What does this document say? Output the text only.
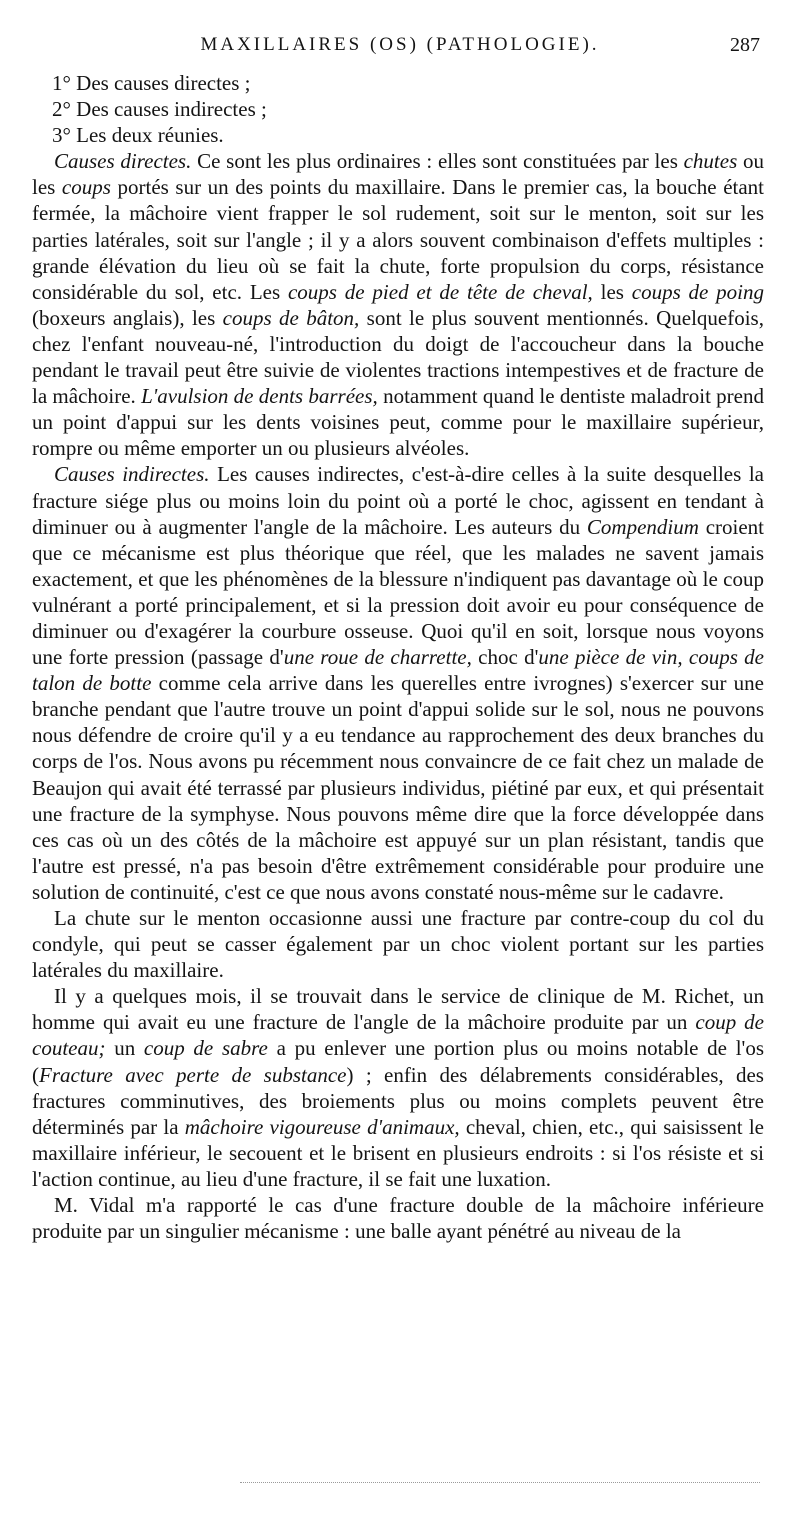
MAXILLAIRES (OS) (PATHOLOGIE).	287

1° Des causes directes ;

2° Des causes indirectes ;

3° Les deux réunies.

Causes directes. Ce sont les plus ordinaires : elles sont constituées par les chutes ou les coups portés sur un des points du maxillaire. Dans le premier cas, la bouche étant fermée, la mâchoire vient frapper le sol rudement, soit sur le menton, soit sur les parties latérales, soit sur l'angle ; il y a alors souvent combinaison d'effets multiples : grande élévation du lieu où se fait la chute, forte propulsion du corps, résistance considérable du sol, etc. Les coups de pied et de tête de cheval, les coups de poing (boxeurs anglais), les coups de bâton, sont le plus souvent mentionnés. Quelquefois, chez l'enfant nouveau-né, l'introduction du doigt de l'accoucheur dans la bouche pendant le travail peut être suivie de violentes tractions intempestives et de fracture de la mâchoire. L'avulsion de dents barrées, notamment quand le dentiste maladroit prend un point d'appui sur les dents voisines peut, comme pour le maxillaire supérieur, rompre ou même emporter un ou plusieurs alvéoles.

Causes indirectes. Les causes indirectes, c'est-à-dire celles à la suite desquelles la fracture siége plus ou moins loin du point où a porté le choc, agissent en tendant à diminuer ou à augmenter l'angle de la mâchoire. Les auteurs du Compendium croient que ce mécanisme est plus théorique que réel, que les malades ne savent jamais exactement, et que les phénomènes de la blessure n'indiquent pas davantage où le coup vulnérant a porté principalement, et si la pression doit avoir eu pour conséquence de diminuer ou d'exagérer la courbure osseuse. Quoi qu'il en soit, lorsque nous voyons une forte pression (passage d'une roue de charrette, choc d'une pièce de vin, coups de talon de botte comme cela arrive dans les querelles entre ivrognes) s'exercer sur une branche pendant que l'autre trouve un point d'appui solide sur le sol, nous ne pouvons nous défendre de croire qu'il y a eu tendance au rapprochement des deux branches du corps de l'os. Nous avons pu récemment nous convaincre de ce fait chez un malade de Beaujon qui avait été terrassé par plusieurs individus, piétiné par eux, et qui présentait une fracture de la symphyse. Nous pouvons même dire que la force développée dans ces cas où un des côtés de la mâchoire est appuyé sur un plan résistant, tandis que l'autre est pressé, n'a pas besoin d'être extrêmement considérable pour produire une solution de continuité, c'est ce que nous avons constaté nous-même sur le cadavre.

La chute sur le menton occasionne aussi une fracture par contre-coup du col du condyle, qui peut se casser également par un choc violent portant sur les parties latérales du maxillaire.

Il y a quelques mois, il se trouvait dans le service de clinique de M. Richet, un homme qui avait eu une fracture de l'angle de la mâchoire produite par un coup de couteau; un coup de sabre a pu enlever une portion plus ou moins notable de l'os (Fracture avec perte de substance) ; enfin des délabrements considérables, des fractures comminutives, des broiements plus ou moins complets peuvent être déterminés par la mâchoire vigoureuse d'animaux, cheval, chien, etc., qui saisissent le maxillaire inférieur, le secouent et le brisent en plusieurs endroits : si l'os résiste et si l'action continue, au lieu d'une fracture, il se fait une luxation.

M. Vidal m'a rapporté le cas d'une fracture double de la mâchoire inférieure produite par un singulier mécanisme : une balle ayant pénétré au niveau de la
